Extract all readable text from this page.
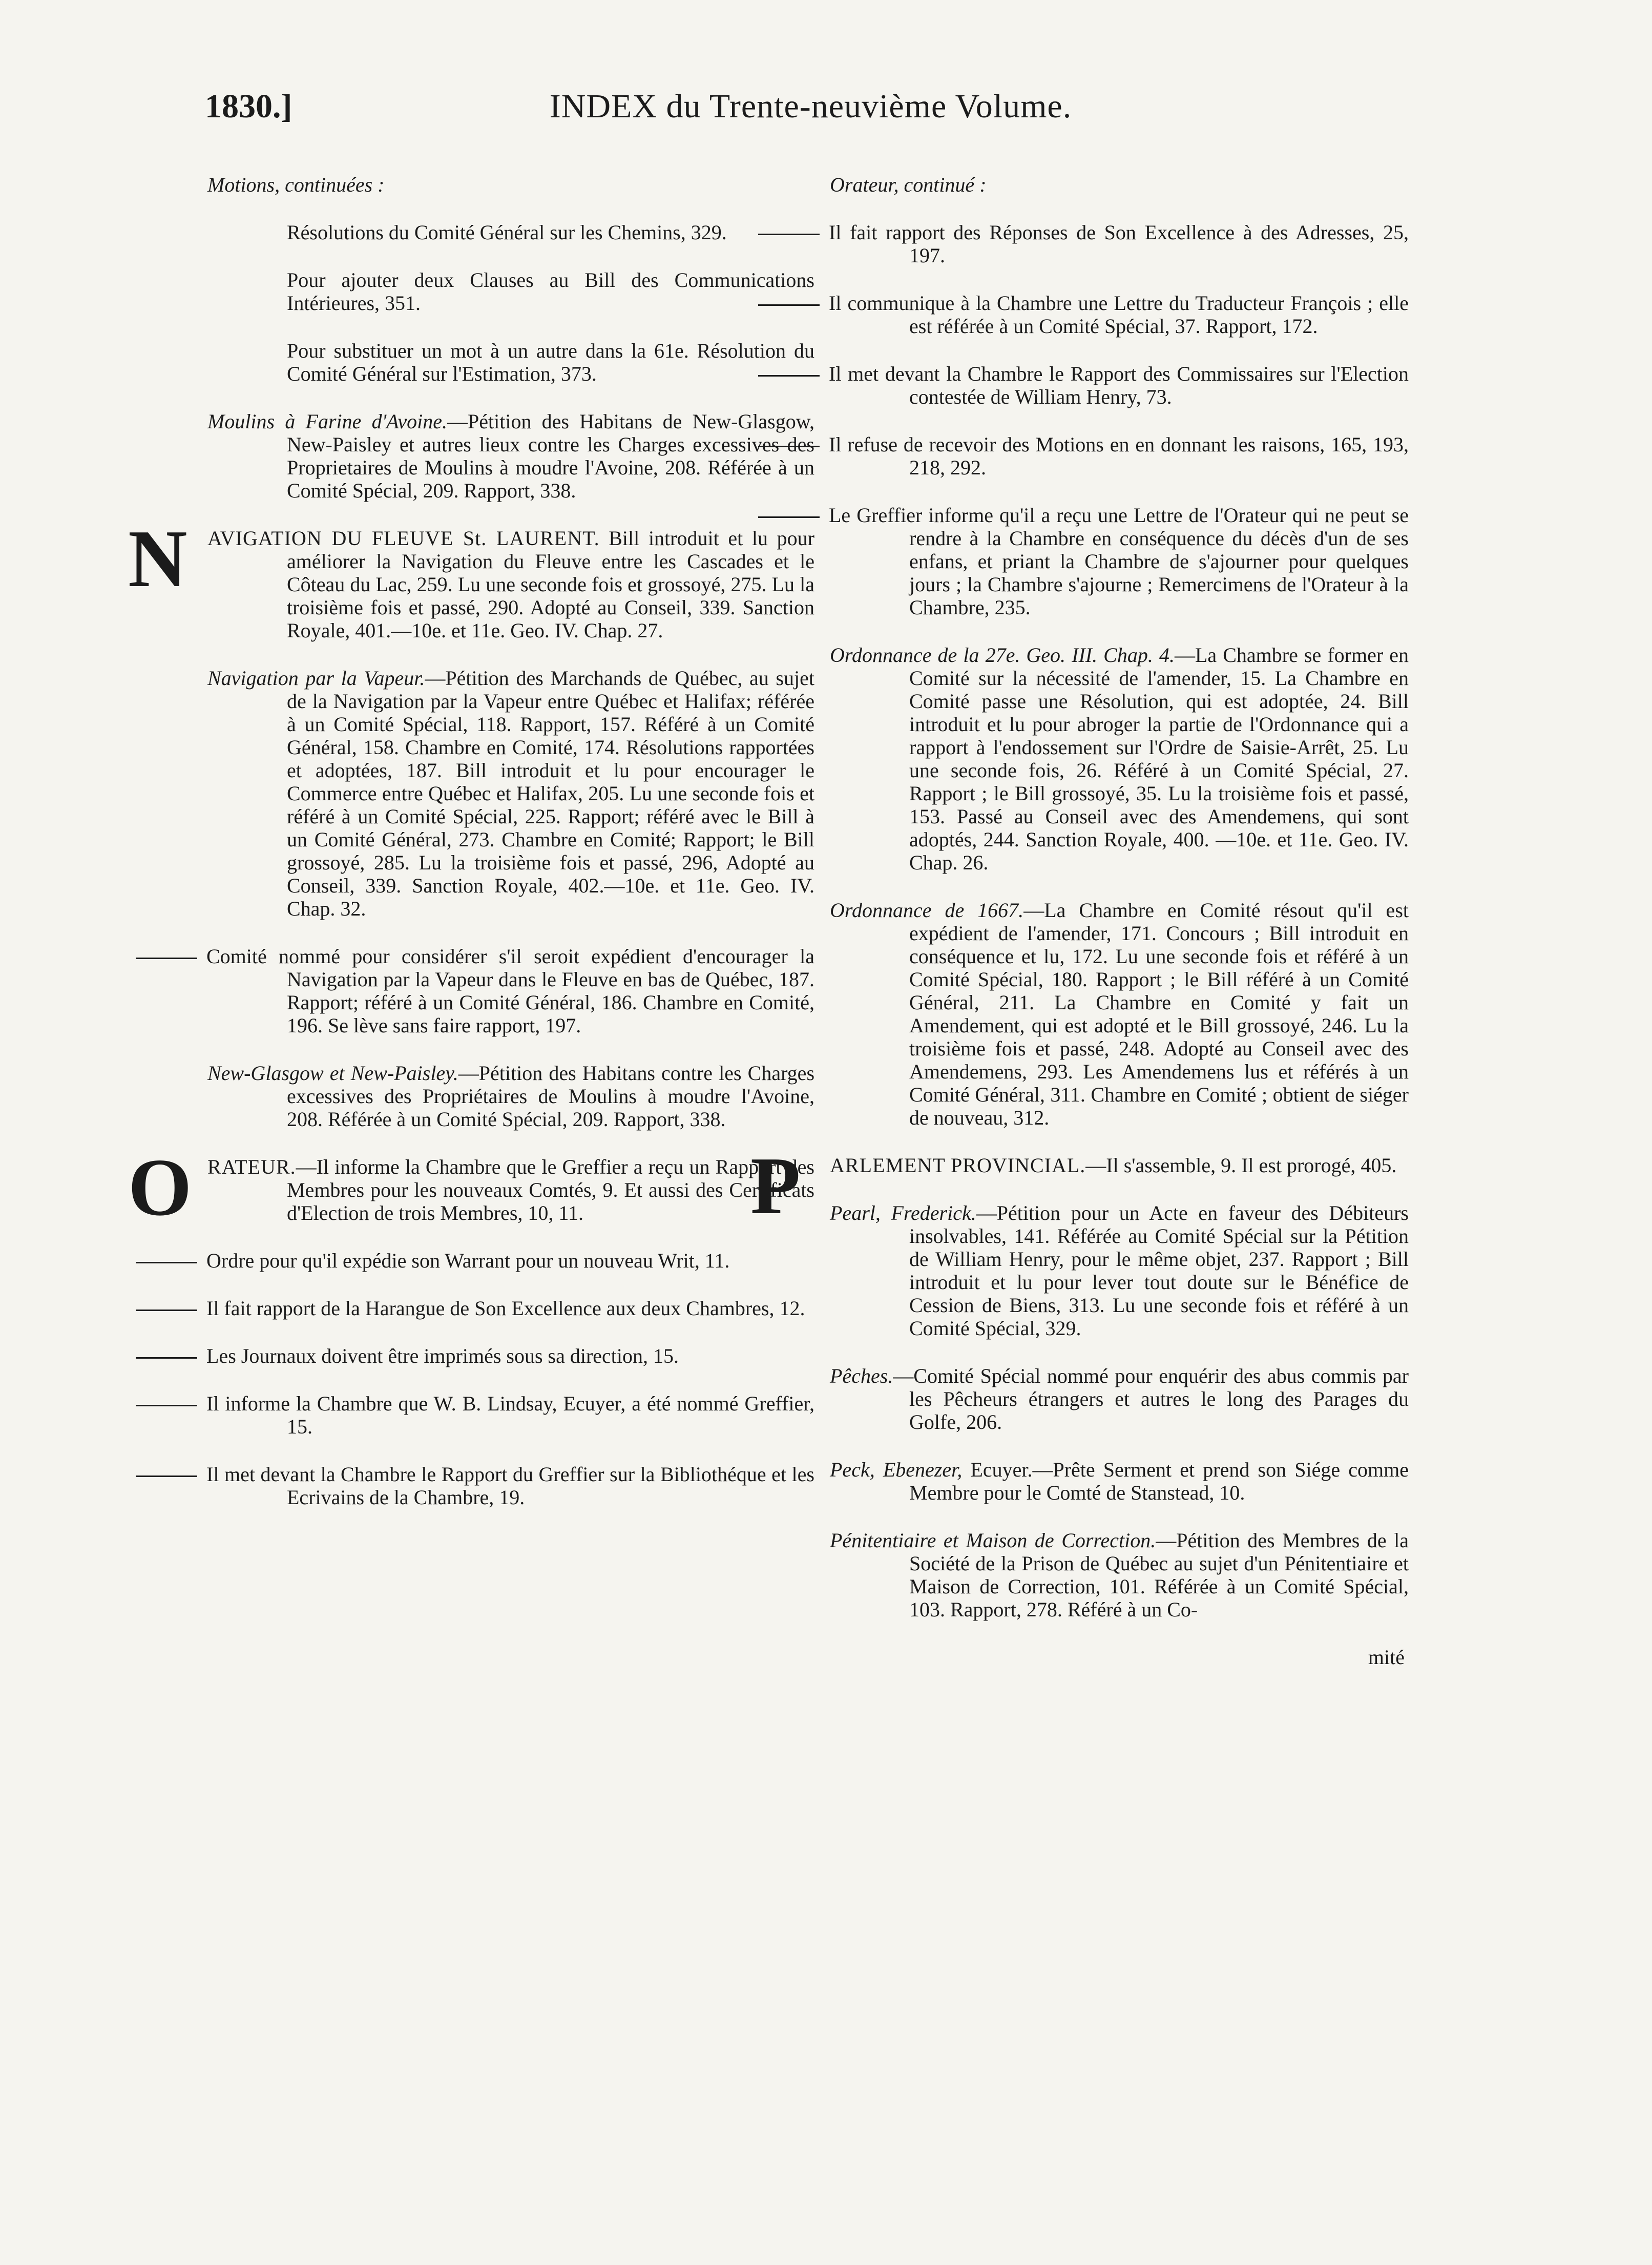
1830.]	INDEX du Trente-neuvième Volume.

Motions, continuées :

Résolutions du Comité Général sur les Chemins, 329.

Pour ajouter deux Clauses au Bill des Communications Intérieures, 351.

Pour substituer un mot à un autre dans la 61e. Résolution du Comité Général sur l'Estimation, 373.

Moulins à Farine d'Avoine.—Pétition des Habitans de New-Glasgow, New-Paisley et autres lieux contre les Charges excessives des Proprietaires de Moulins à moudre l'Avoine, 208. Référée à un Comité Spécial, 209. Rapport, 338.

NAVIGATION DU FLEUVE St. LAURENT. Bill introduit et lu pour améliorer la Navigation du Fleuve entre les Cascades et le Côteau du Lac, 259. Lu une seconde fois et grossoyé, 275. Lu la troisième fois et passé, 290. Adopté au Conseil, 339. Sanction Royale, 401.—10e. et 11e. Geo. IV. Chap. 27.

Navigation par la Vapeur.—Pétition des Marchands de Québec, au sujet de la Navigation par la Vapeur entre Québec et Halifax; référée à un Comité Spécial, 118. Rapport, 157. Référé à un Comité Général, 158. Chambre en Comité, 174. Résolutions rapportées et adoptées, 187. Bill introduit et lu pour encourager le Commerce entre Québec et Halifax, 205. Lu une seconde fois et référé à un Comité Spécial, 225. Rapport; référé avec le Bill à un Comité Général, 273. Chambre en Comité; Rapport; le Bill grossoyé, 285. Lu la troisième fois et passé, 296, Adopté au Conseil, 339. Sanction Royale, 402.—10e. et 11e. Geo. IV. Chap. 32.

Comité nommé pour considérer s'il seroit expédient d'encourager la Navigation par la Vapeur dans le Fleuve en bas de Québec, 187. Rapport; référé à un Comité Général, 186. Chambre en Comité, 196. Se lève sans faire rapport, 197.

New-Glasgow et New-Paisley.—Pétition des Habitans contre les Charges excessives des Propriétaires de Moulins à moudre l'Avoine, 208. Référée à un Comité Spécial, 209. Rapport, 338.

ORATEUR.—Il informe la Chambre que le Greffier a reçu un Rapport des Membres pour les nouveaux Comtés, 9. Et aussi des Certificats d'Election de trois Membres, 10, 11.

Ordre pour qu'il expédie son Warrant pour un nouveau Writ, 11.

Il fait rapport de la Harangue de Son Excellence aux deux Chambres, 12.

Les Journaux doivent être imprimés sous sa direction, 15.

Il informe la Chambre que W. B. Lindsay, Ecuyer, a été nommé Greffier, 15.

Il met devant la Chambre le Rapport du Greffier sur la Bibliothéque et les Ecrivains de la Chambre, 19.

Orateur, continué :

Il fait rapport des Réponses de Son Excellence à des Adresses, 25, 197.

Il communique à la Chambre une Lettre du Traducteur François ; elle est référée à un Comité Spécial, 37. Rapport, 172.

Il met devant la Chambre le Rapport des Commissaires sur l'Election contestée de William Henry, 73.

Il refuse de recevoir des Motions en en donnant les raisons, 165, 193, 218, 292.

Le Greffier informe qu'il a reçu une Lettre de l'Orateur qui ne peut se rendre à la Chambre en conséquence du décès d'un de ses enfans, et priant la Chambre de s'ajourner pour quelques jours ; la Chambre s'ajourne ; Remercimens de l'Orateur à la Chambre, 235.

Ordonnance de la 27e. Geo. III. Chap. 4.—La Chambre se former en Comité sur la nécessité de l'amender, 15. La Chambre en Comité passe une Résolution, qui est adoptée, 24. Bill introduit et lu pour abroger la partie de l'Ordonnance qui a rapport à l'endossement sur l'Ordre de Saisie-Arrêt, 25. Lu une seconde fois, 26. Référé à un Comité Spécial, 27. Rapport ; le Bill grossoyé, 35. Lu la troisième fois et passé, 153. Passé au Conseil avec des Amendemens, qui sont adoptés, 244. Sanction Royale, 400. —10e. et 11e. Geo. IV. Chap. 26.

Ordonnance de 1667.—La Chambre en Comité résout qu'il est expédient de l'amender, 171. Concours ; Bill introduit en conséquence et lu, 172. Lu une seconde fois et référé à un Comité Spécial, 180. Rapport ; le Bill référé à un Comité Général, 211. La Chambre en Comité y fait un Amendement, qui est adopté et le Bill grossoyé, 246. Lu la troisième fois et passé, 248. Adopté au Conseil avec des Amendemens, 293. Les Amendemens lus et référés à un Comité Général, 311. Chambre en Comité ; obtient de siéger de nouveau, 312.

P	ARLEMENT PROVINCIAL.—Il s'assemble, 9. Il est prorogé, 405.

Pearl, Frederick.—Pétition pour un Acte en faveur des Débiteurs insolvables, 141. Référée au Comité Spécial sur la Pétition de William Henry, pour le même objet, 237. Rapport ; Bill introduit et lu pour lever tout doute sur le Bénéfice de Cession de Biens, 313. Lu une seconde fois et référé à un Comité Spécial, 329.

Pêches.—Comité Spécial nommé pour enquérir des abus commis par les Pêcheurs étrangers et autres le long des Parages du Golfe, 206.

Peck, Ebenezer, Ecuyer.—Prête Serment et prend son Siége comme Membre pour le Comté de Stanstead, 10.

Pénitentiaire et Maison de Correction.—Pétition des Membres de la Société de la Prison de Québec au sujet d'un Pénitentiaire et Maison de Correction, 101. Référée à un Comité Spécial, 103. Rapport, 278. Référé à un Co-

mité
